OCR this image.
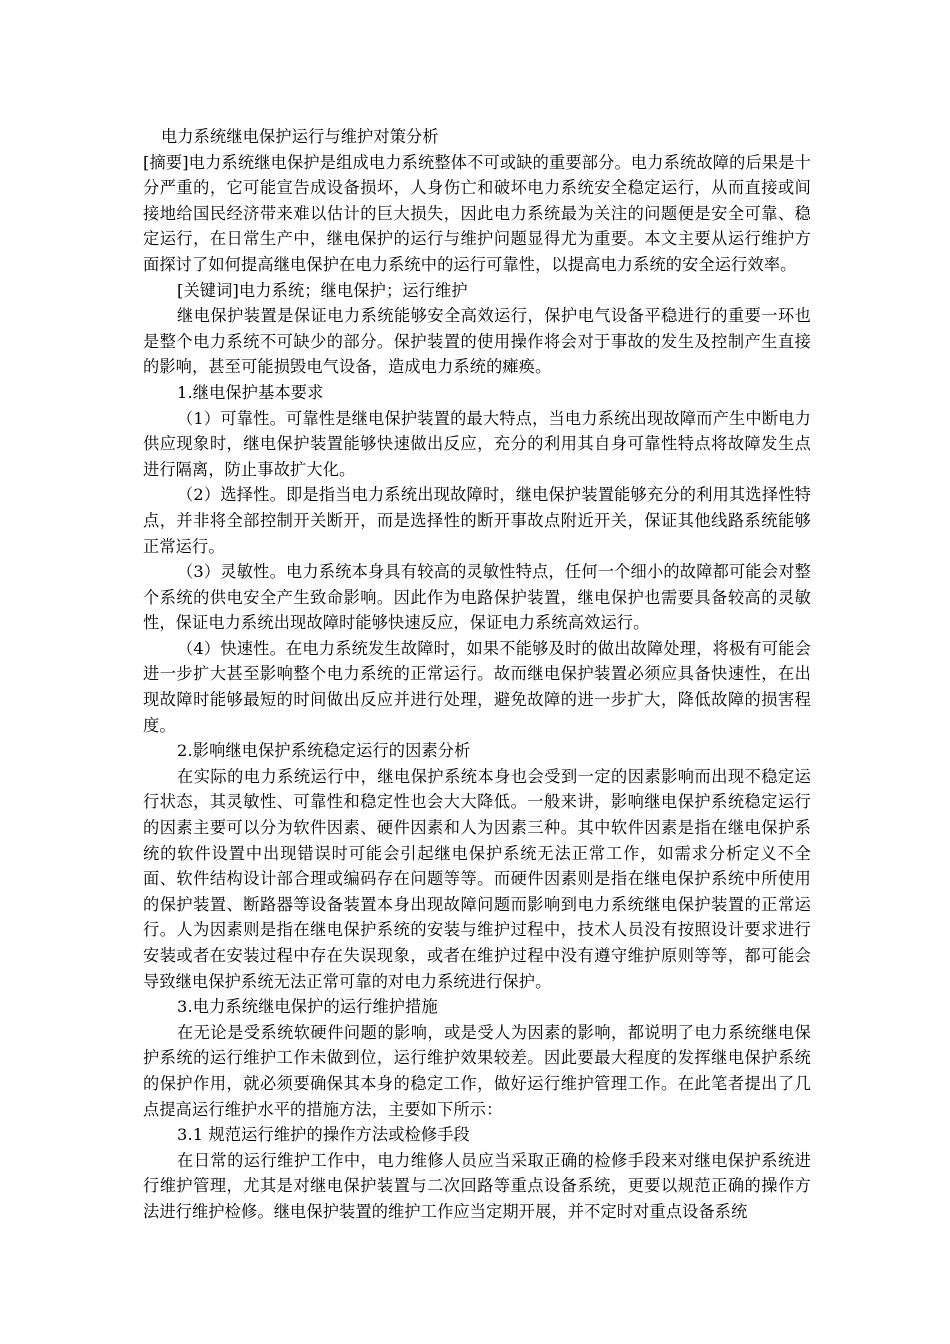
电力系统继电保护运行与维护对策分析

[摘要]电力系统继电保护是组成电力系统整体不可或缺的重要部分。电力系统故障的后果是十分严重的，它可能宣告成设备损坏，人身伤亡和破坏电力系统安全稳定运行，从而直接或间接地给国民经济带来难以估计的巨大损失，因此电力系统最为关注的问题便是安全可靠、稳定运行，在日常生产中，继电保护的运行与维护问题显得尤为重要。本文主要从运行维护方面探讨了如何提高继电保护在电力系统中的运行可靠性，以提高电力系统的安全运行效率。

[关键词]电力系统；继电保护；运行维护

继电保护装置是保证电力系统能够安全高效运行，保护电气设备平稳进行的重要一环也是整个电力系统不可缺少的部分。保护装置的使用操作将会对于事故的发生及控制产生直接的影响，甚至可能损毁电气设备，造成电力系统的瘫痪。

1.继电保护基本要求

（1）可靠性。可靠性是继电保护装置的最大特点，当电力系统出现故障而产生中断电力供应现象时，继电保护装置能够快速做出反应，充分的利用其自身可靠性特点将故障发生点进行隔离，防止事故扩大化。

（2）选择性。即是指当电力系统出现故障时，继电保护装置能够充分的利用其选择性特点，并非将全部控制开关断开，而是选择性的断开事故点附近开关，保证其他线路系统能够正常运行。

（3）灵敏性。电力系统本身具有较高的灵敏性特点，任何一个细小的故障都可能会对整个系统的供电安全产生致命影响。因此作为电路保护装置，继电保护也需要具备较高的灵敏性，保证电力系统出现故障时能够快速反应，保证电力系统高效运行。

（4）快速性。在电力系统发生故障时，如果不能够及时的做出故障处理，将极有可能会进一步扩大甚至影响整个电力系统的正常运行。故而继电保护装置必须应具备快速性，在出现故障时能够最短的时间做出反应并进行处理，避免故障的进一步扩大，降低故障的损害程度。

2.影响继电保护系统稳定运行的因素分析

在实际的电力系统运行中，继电保护系统本身也会受到一定的因素影响而出现不稳定运行状态，其灵敏性、可靠性和稳定性也会大大降低。一般来讲，影响继电保护系统稳定运行的因素主要可以分为软件因素、硬件因素和人为因素三种。其中软件因素是指在继电保护系统的软件设置中出现错误时可能会引起继电保护系统无法正常工作，如需求分析定义不全面、软件结构设计部合理或编码存在问题等等。而硬件因素则是指在继电保护系统中所使用的保护装置、断路器等设备装置本身出现故障问题而影响到电力系统继电保护装置的正常运行。人为因素则是指在继电保护系统的安装与维护过程中，技术人员没有按照设计要求进行安装或者在安装过程中存在失误现象，或者在维护过程中没有遵守维护原则等等，都可能会导致继电保护系统无法正常可靠的对电力系统进行保护。

3.电力系统继电保护的运行维护措施

在无论是受系统软硬件问题的影响，或是受人为因素的影响，都说明了电力系统继电保护系统的运行维护工作未做到位，运行维护效果较差。因此要最大程度的发挥继电保护系统的保护作用，就必须要确保其本身的稳定工作，做好运行维护管理工作。在此笔者提出了几点提高运行维护水平的措施方法，主要如下所示：

3.1 规范运行维护的操作方法或检修手段

在日常的运行维护工作中，电力维修人员应当采取正确的检修手段来对继电保护系统进行维护管理，尤其是对继电保护装置与二次回路等重点设备系统，更要以规范正确的操作方法进行维护检修。继电保护装置的维护工作应当定期开展，并不定时对重点设备系统
